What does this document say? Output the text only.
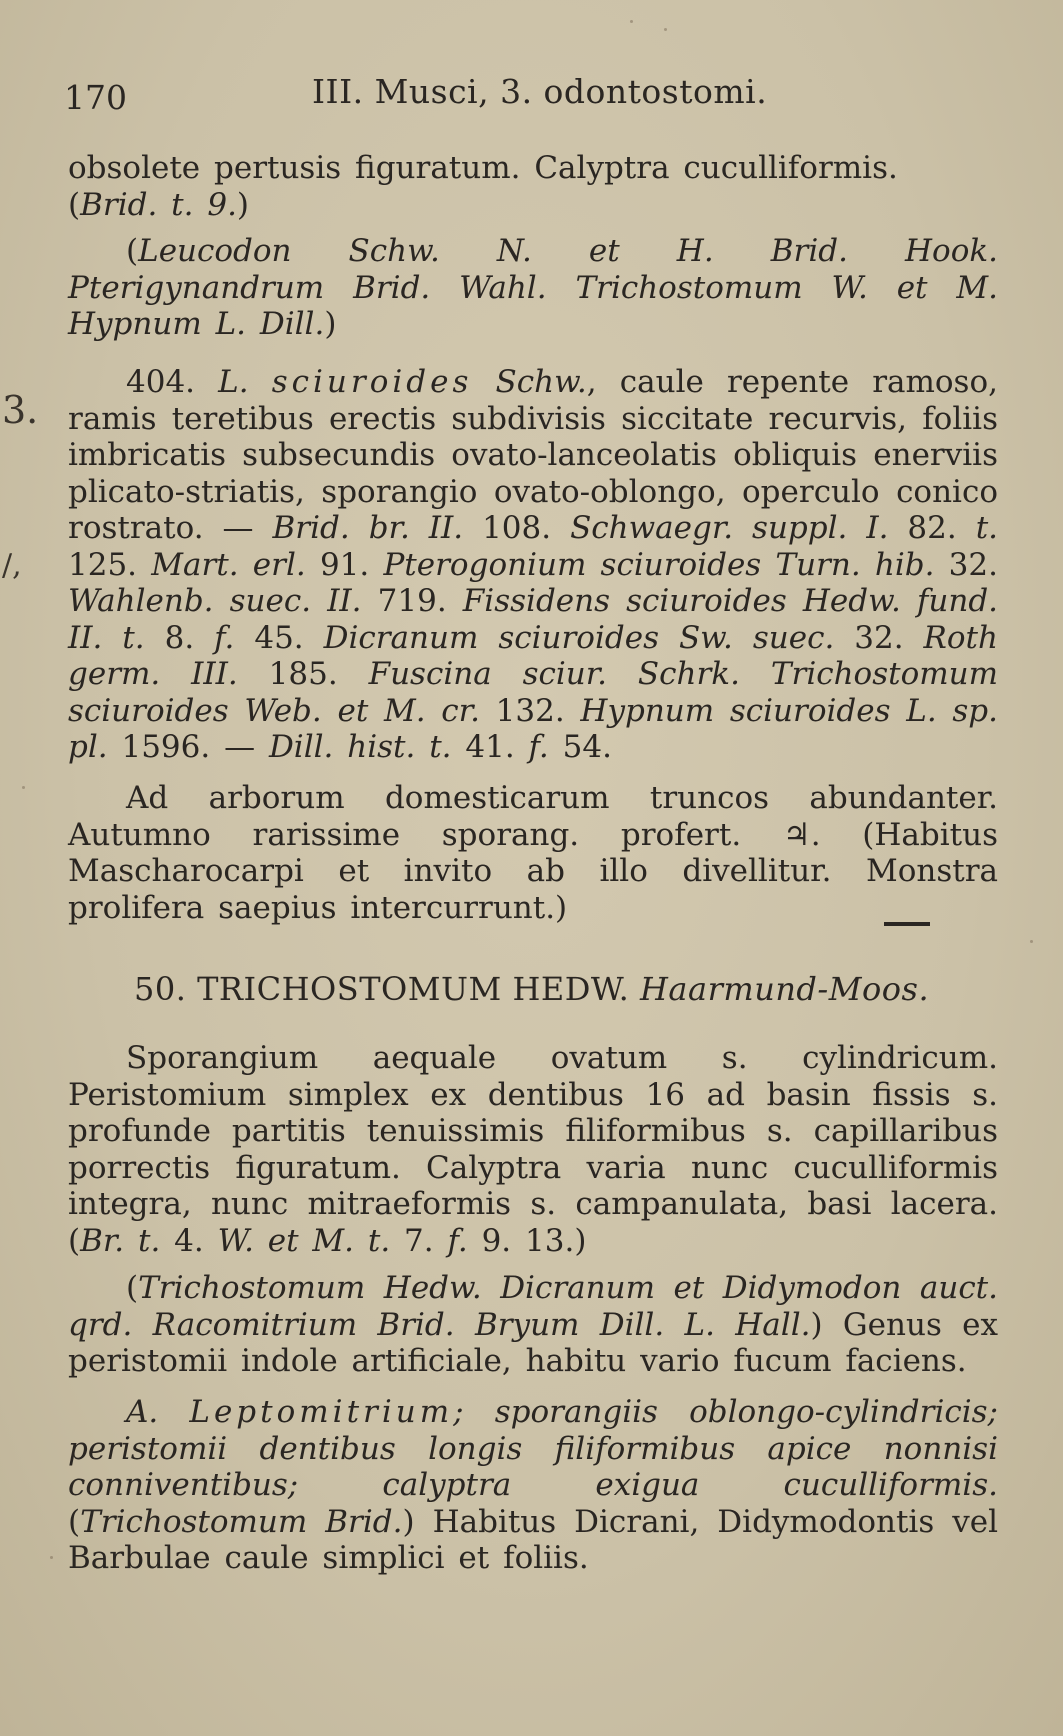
170	III. Musci, 3. odontostomi.
3.
/,
obsolete pertusis figuratum. Calyptra cuculliformis.
(Brid. t. 9.)
(Leucodon Schw. N. et H. Brid. Hook. Pterigynandrum Brid. Wahl. Trichostomum W. et M. Hypnum L. Dill.)
404. L. sciuroides Schw., caule repente ramoso, ramis teretibus erectis subdivisis siccitate recurvis, foliis imbricatis subsecundis ovato-lanceolatis obliquis enerviis plicato-striatis, sporangio ovato-oblongo, operculo conico rostrato. — Brid. br. II. 108. Schwaegr. suppl. I. 82. t. 125. Mart. erl. 91. Pterogonium sciuroides Turn. hib. 32. Wahlenb. suec. II. 719. Fissidens sciuroides Hedw. fund. II. t. 8. f. 45. Dicranum sciuroides Sw. suec. 32. Roth germ. III. 185. Fuscina sciur. Schrk. Trichostomum sciuroides Web. et M. cr. 132. Hypnum sciuroides L. sp. pl. 1596. — Dill. hist. t. 41. f. 54.
Ad arborum domesticarum truncos abundanter. Autumno rarissime sporang. profert. ♃. (Habitus Mascharocarpi et invito ab illo divellitur. Monstra prolifera saepius intercurrunt.)
50. TRICHOSTOMUM HEDW. Haarmund-Moos.
Sporangium aequale ovatum s. cylindricum. Peristomium simplex ex dentibus 16 ad basin fissis s. profunde partitis tenuissimis filiformibus s. capillaribus porrectis figuratum. Calyptra varia nunc cuculliformis integra, nunc mitraeformis s. campanulata, basi lacera. (Br. t. 4. W. et M. t. 7. f. 9. 13.)
(Trichostomum Hedw. Dicranum et Didymodon auct. qrd. Racomitrium Brid. Bryum Dill. L. Hall.) Genus ex peristomii indole artificiale, habitu vario fucum faciens.
A. Leptomitrium; sporangiis oblongo-cylindricis; peristomii dentibus longis filiformibus apice nonnisi conniventibus; calyptra exigua cuculliformis. (Trichostomum Brid.) Habitus Dicrani, Didymodontis vel Barbulae caule simplici et foliis.
